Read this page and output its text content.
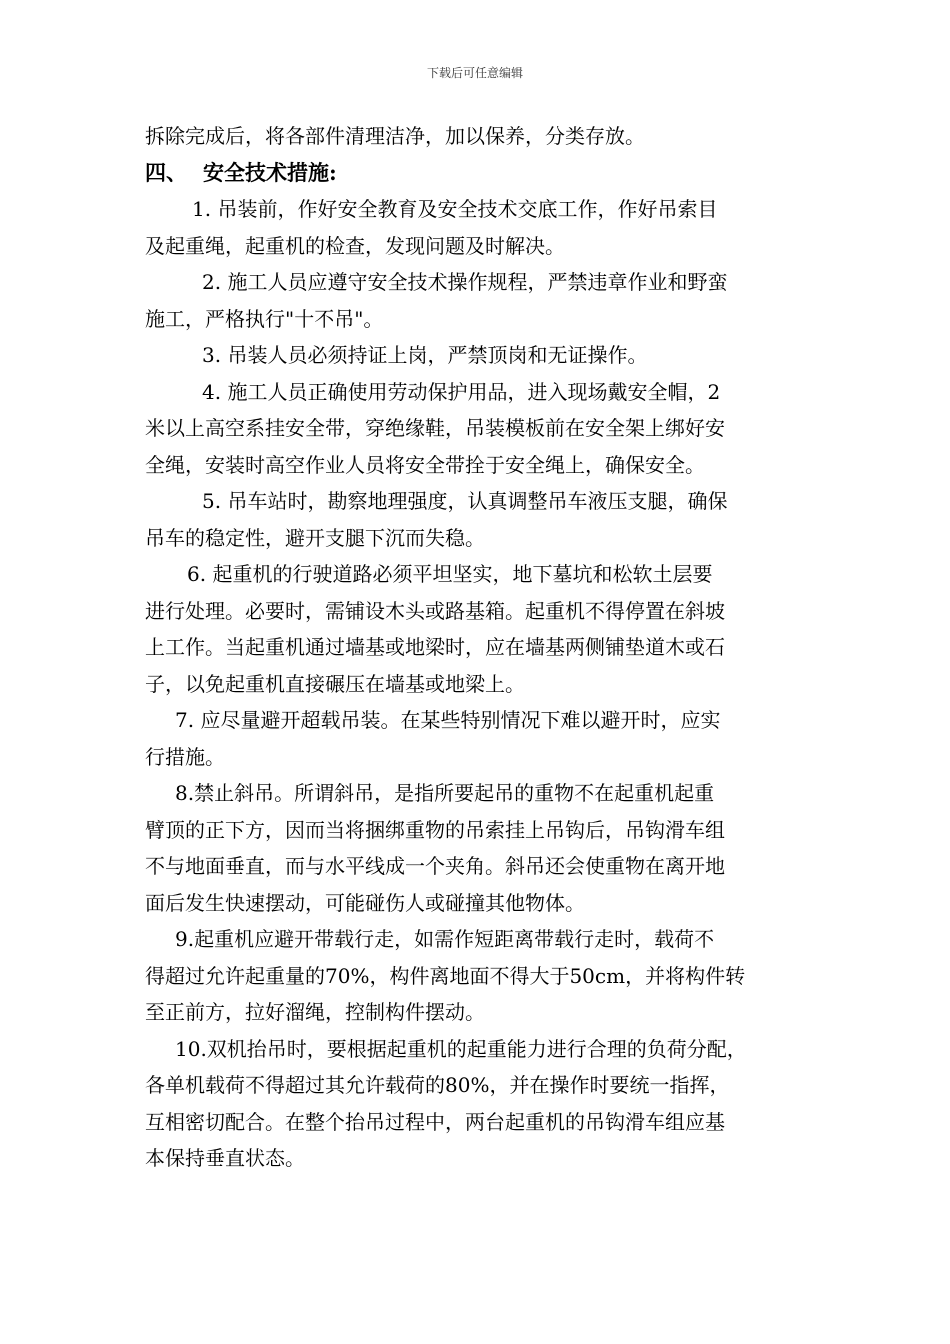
下载后可任意编辑
拆除完成后，将各部件清理洁净，加以保养，分类存放。
四、 安全技术措施:
1. 吊装前，作好安全教育及安全技术交底工作，作好吊索目
及起重绳，起重机的检查，发现问题及时解决。
2. 施工人员应遵守安全技术操作规程，严禁违章作业和野蛮
施工，严格执行"十不吊"。
3. 吊装人员必须持证上岗，严禁顶岗和无证操作。
4. 施工人员正确使用劳动保护用品，进入现场戴安全帽，2
米以上高空系挂安全带，穿绝缘鞋，吊装模板前在安全架上绑好安
全绳，安装时高空作业人员将安全带拴于安全绳上，确保安全。
5. 吊车站时，勘察地理强度，认真调整吊车液压支腿，确保
吊车的稳定性，避开支腿下沉而失稳。
6. 起重机的行驶道路必须平坦坚实，地下墓坑和松软土层要
进行处理。必要时，需铺设木头或路基箱。起重机不得停置在斜坡
上工作。当起重机通过墙基或地梁时，应在墙基两侧铺垫道木或石
子，以免起重机直接碾压在墙基或地梁上。
7. 应尽量避开超载吊装。在某些特别情况下难以避开时，应实
行措施。
8.禁止斜吊。所谓斜吊，是指所要起吊的重物不在起重机起重
臂顶的正下方，因而当将捆绑重物的吊索挂上吊钩后，吊钩滑车组
不与地面垂直，而与水平线成一个夹角。斜吊还会使重物在离开地
面后发生快速摆动，可能碰伤人或碰撞其他物体。
9.起重机应避开带载行走，如需作短距离带载行走时，载荷不
得超过允许起重量的70%，构件离地面不得大于50cm，并将构件转
至正前方，拉好溜绳，控制构件摆动。
10.双机抬吊时，要根据起重机的起重能力进行合理的负荷分配，
各单机载荷不得超过其允许载荷的80%，并在操作时要统一指挥，
互相密切配合。在整个抬吊过程中，两台起重机的吊钩滑车组应基
本保持垂直状态。
